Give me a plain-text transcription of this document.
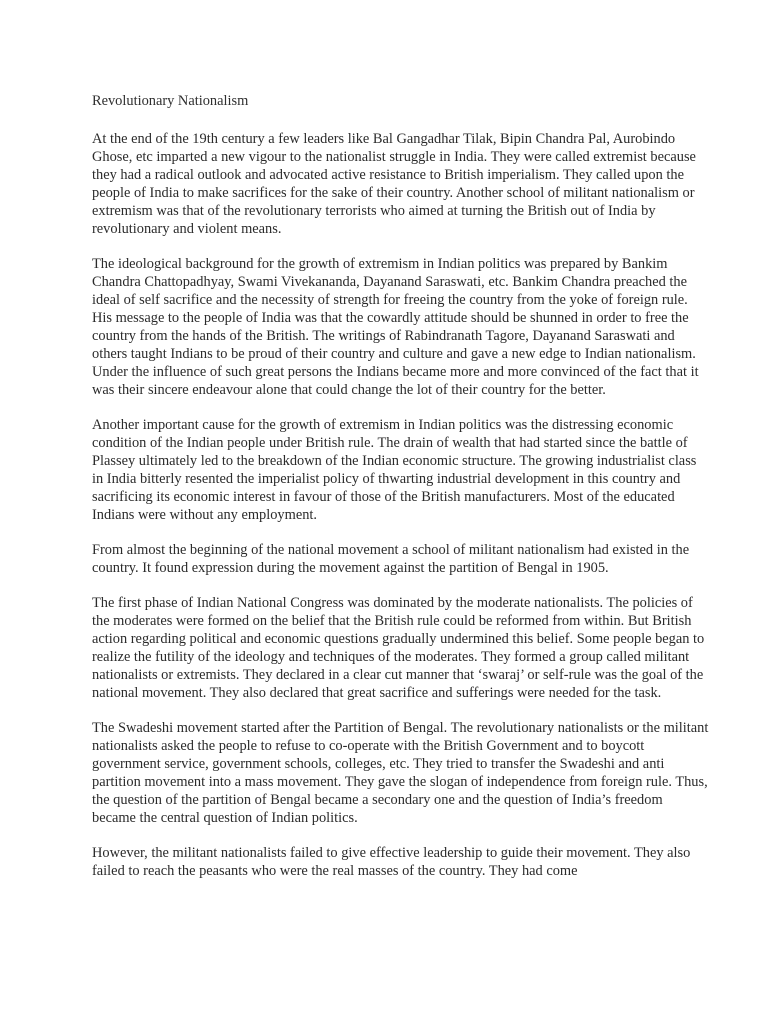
Revolutionary Nationalism

At the end of the 19th century a few leaders like Bal Gangadhar Tilak, Bipin Chandra Pal, Aurobindo Ghose, etc imparted a new vigour to the nationalist struggle in India. They were called extremist because they had a radical outlook and advocated active resistance to British imperialism. They called upon the people of India to make sacrifices for the sake of their country. Another school of militant nationalism or extremism was that of the revolutionary terrorists who aimed at turning the British out of India by revolutionary and violent means.

The ideological background for the growth of extremism in Indian politics was prepared by Bankim Chandra Chattopadhyay, Swami Vivekananda, Dayanand Saraswati, etc. Bankim Chandra preached the ideal of self sacrifice and the necessity of strength for freeing the country from the yoke of foreign rule. His message to the people of India was that the cowardly attitude should be shunned in order to free the country from the hands of the British. The writings of Rabindranath Tagore, Dayanand Saraswati and others taught Indians to be proud of their country and culture and gave a new edge to Indian nationalism. Under the influence of such great persons the Indians became more and more convinced of the fact that it was their sincere endeavour alone that could change the lot of their country for the better.

Another important cause for the growth of extremism in Indian politics was the distressing economic condition of the Indian people under British rule. The drain of wealth that had started since the battle of Plassey ultimately led to the breakdown of the Indian economic structure. The growing industrialist class in India bitterly resented the imperialist policy of thwarting industrial development in this country and sacrificing its economic interest in favour of those of the British manufacturers. Most of the educated Indians were without any employment.

From almost the beginning of the national movement a school of militant nationalism had existed in the country. It found expression during the movement against the partition of Bengal in 1905.

The first phase of Indian National Congress was dominated by the moderate nationalists. The policies of the moderates were formed on the belief that the British rule could be reformed from within. But British action regarding political and economic questions gradually undermined this belief. Some people began to realize the futility of the ideology and techniques of the moderates. They formed a group called militant nationalists or extremists. They declared in a clear cut manner that ‘swaraj’ or self-rule was the goal of the national movement. They also declared that great sacrifice and sufferings were needed for the task.

The Swadeshi movement started after the Partition of Bengal. The revolutionary nationalists or the militant nationalists asked the people to refuse to co-operate with the British Government and to boycott government service, government schools, colleges, etc. They tried to transfer the Swadeshi and anti partition movement into a mass movement. They gave the slogan of independence from foreign rule. Thus, the question of the partition of Bengal became a secondary one and the question of India’s freedom became the central question of Indian politics.

However, the militant nationalists failed to give effective leadership to guide their movement. They also failed to reach the peasants who were the real masses of the country. They had come
